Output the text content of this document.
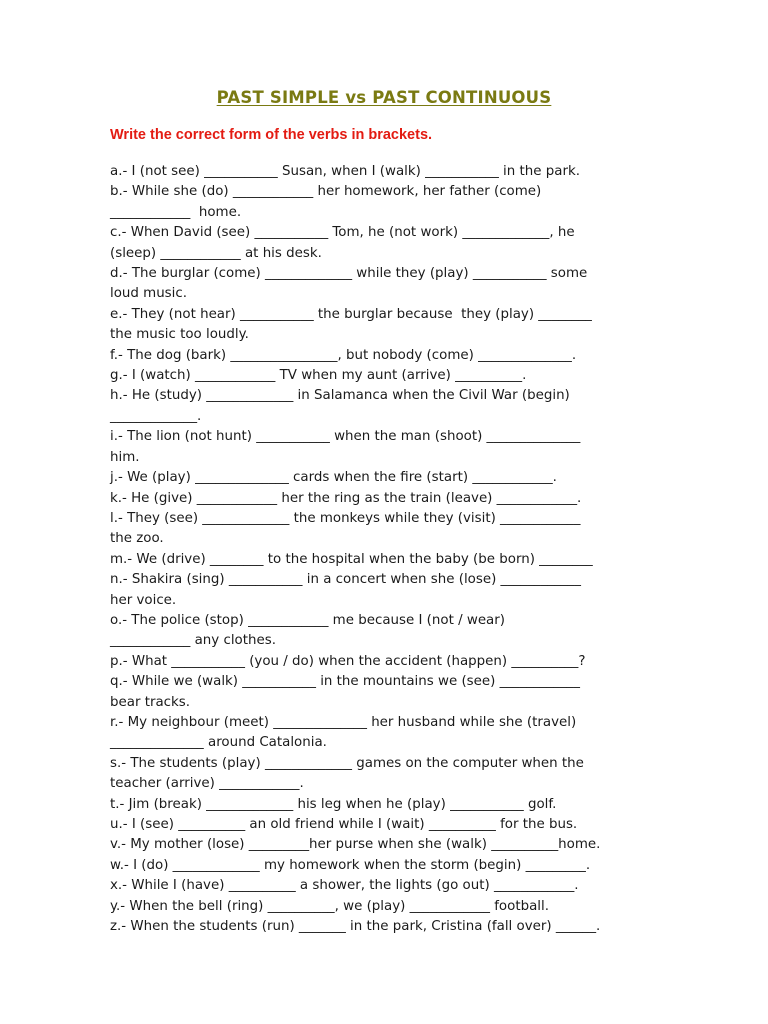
PAST SIMPLE vs PAST CONTINUOUS
Write the correct form of the verbs in brackets.
a.- I (not see) ___________ Susan, when I (walk) ___________ in the park.
b.- While she (do) ____________ her homework, her father (come)
____________  home.
c.- When David (see) ___________ Tom, he (not work) _____________, he
(sleep) ____________ at his desk.
d.- The burglar (come) _____________ while they (play) ___________ some
loud music.
e.- They (not hear) ___________ the burglar because  they (play) ________
the music too loudly.
f.- The dog (bark) ________________, but nobody (come) ______________.
g.- I (watch) ____________ TV when my aunt (arrive) __________.
h.- He (study) _____________ in Salamanca when the Civil War (begin)
_____________.
i.- The lion (not hunt) ___________ when the man (shoot) ______________
him.
j.- We (play) ______________ cards when the fire (start) ____________.
k.- He (give) ____________ her the ring as the train (leave) ____________.
l.- They (see) _____________ the monkeys while they (visit) ____________
the zoo.
m.- We (drive) ________ to the hospital when the baby (be born) ________
n.- Shakira (sing) ___________ in a concert when she (lose) ____________
her voice.
o.- The police (stop) ____________ me because I (not / wear)
____________ any clothes.
p.- What ___________ (you / do) when the accident (happen) __________?
q.- While we (walk) ___________ in the mountains we (see) ____________
bear tracks.
r.- My neighbour (meet) ______________ her husband while she (travel)
______________ around Catalonia.
s.- The students (play) _____________ games on the computer when the
teacher (arrive) ____________.
t.- Jim (break) _____________ his leg when he (play) ___________ golf.
u.- I (see) __________ an old friend while I (wait) __________ for the bus.
v.- My mother (lose) _________her purse when she (walk) __________home.
w.- I (do) _____________ my homework when the storm (begin) _________.
x.- While I (have) __________ a shower, the lights (go out) ____________.
y.- When the bell (ring) __________, we (play) ____________ football.
z.- When the students (run) _______ in the park, Cristina (fall over) ______.
